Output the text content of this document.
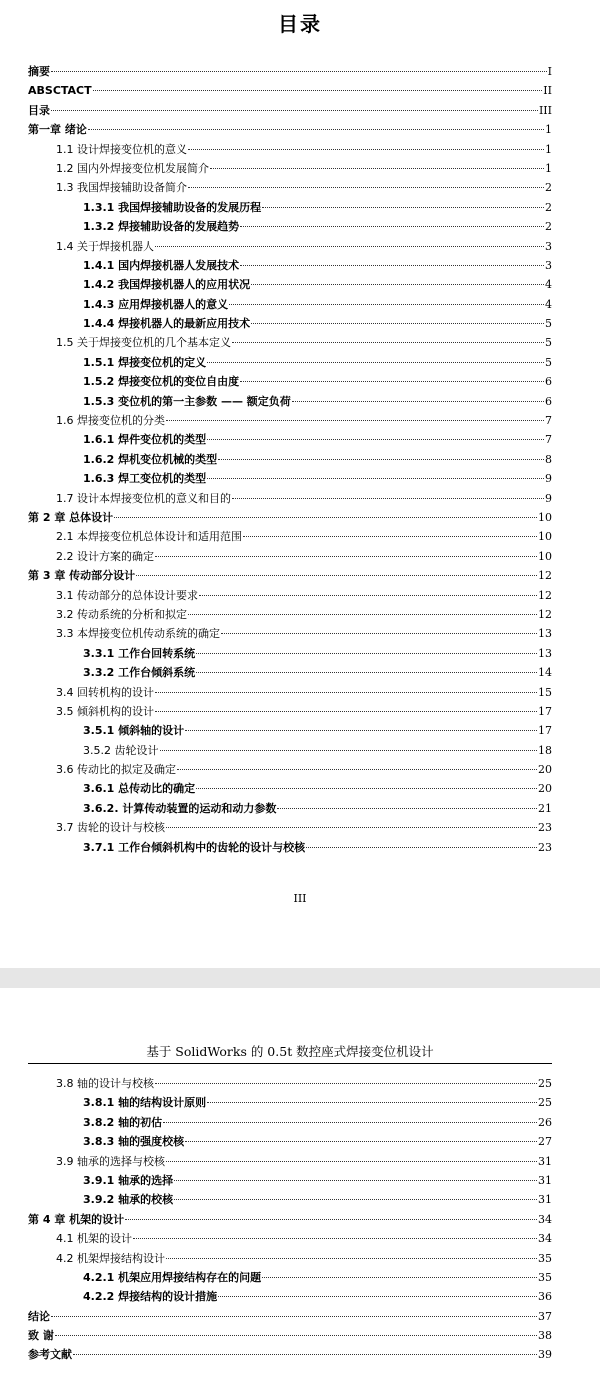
目录
摘要	I
ABSCTACT	II
目录	III
第一章 绪论	1
1.1 设计焊接变位机的意义	1
1.2 国内外焊接变位机发展简介	1
1.3 我国焊接辅助设备简介	2
1.3.1 我国焊接辅助设备的发展历程	2
1.3.2 焊接辅助设备的发展趋势	2
1.4 关于焊接机器人	3
1.4.1 国内焊接机器人发展技术	3
1.4.2 我国焊接机器人的应用状况	4
1.4.3 应用焊接机器人的意义	4
1.4.4 焊接机器人的最新应用技术	5
1.5 关于焊接变位机的几个基本定义	5
1.5.1 焊接变位机的定义	5
1.5.2 焊接变位机的变位自由度	6
1.5.3 变位机的第一主参数 —— 额定负荷	6
1.6 焊接变位机的分类	7
1.6.1 焊件变位机的类型	7
1.6.2 焊机变位机械的类型	8
1.6.3 焊工变位机的类型	9
1.7 设计本焊接变位机的意义和目的	9
第 2 章 总体设计	10
2.1 本焊接变位机总体设计和适用范围	10
2.2 设计方案的确定	10
第 3 章 传动部分设计	12
3.1 传动部分的总体设计要求	12
3.2 传动系统的分析和拟定	12
3.3 本焊接变位机传动系统的确定	13
3.3.1 工作台回转系统	13
3.3.2 工作台倾斜系统	14
3.4 回转机构的设计	15
3.5 倾斜机构的设计	17
3.5.1 倾斜轴的设计	17
3.5.2 齿轮设计	18
3.6 传动比的拟定及确定	20
3.6.1 总传动比的确定	20
3.6.2. 计算传动装置的运动和动力参数	21
3.7 齿轮的设计与校核	23
3.7.1 工作台倾斜机构中的齿轮的设计与校核	23
III
基于 SolidWorks 的 0.5t 数控座式焊接变位机设计
3.8 轴的设计与校核	25
3.8.1 轴的结构设计原则	25
3.8.2 轴的初估	26
3.8.3 轴的强度校核	27
3.9 轴承的选择与校核	31
3.9.1 轴承的选择	31
3.9.2 轴承的校核	31
第 4 章 机架的设计	34
4.1 机架的设计	34
4.2 机架焊接结构设计	35
4.2.1 机架应用焊接结构存在的问题	35
4.2.2 焊接结构的设计措施	36
结论	37
致 谢	38
参考文献	39
